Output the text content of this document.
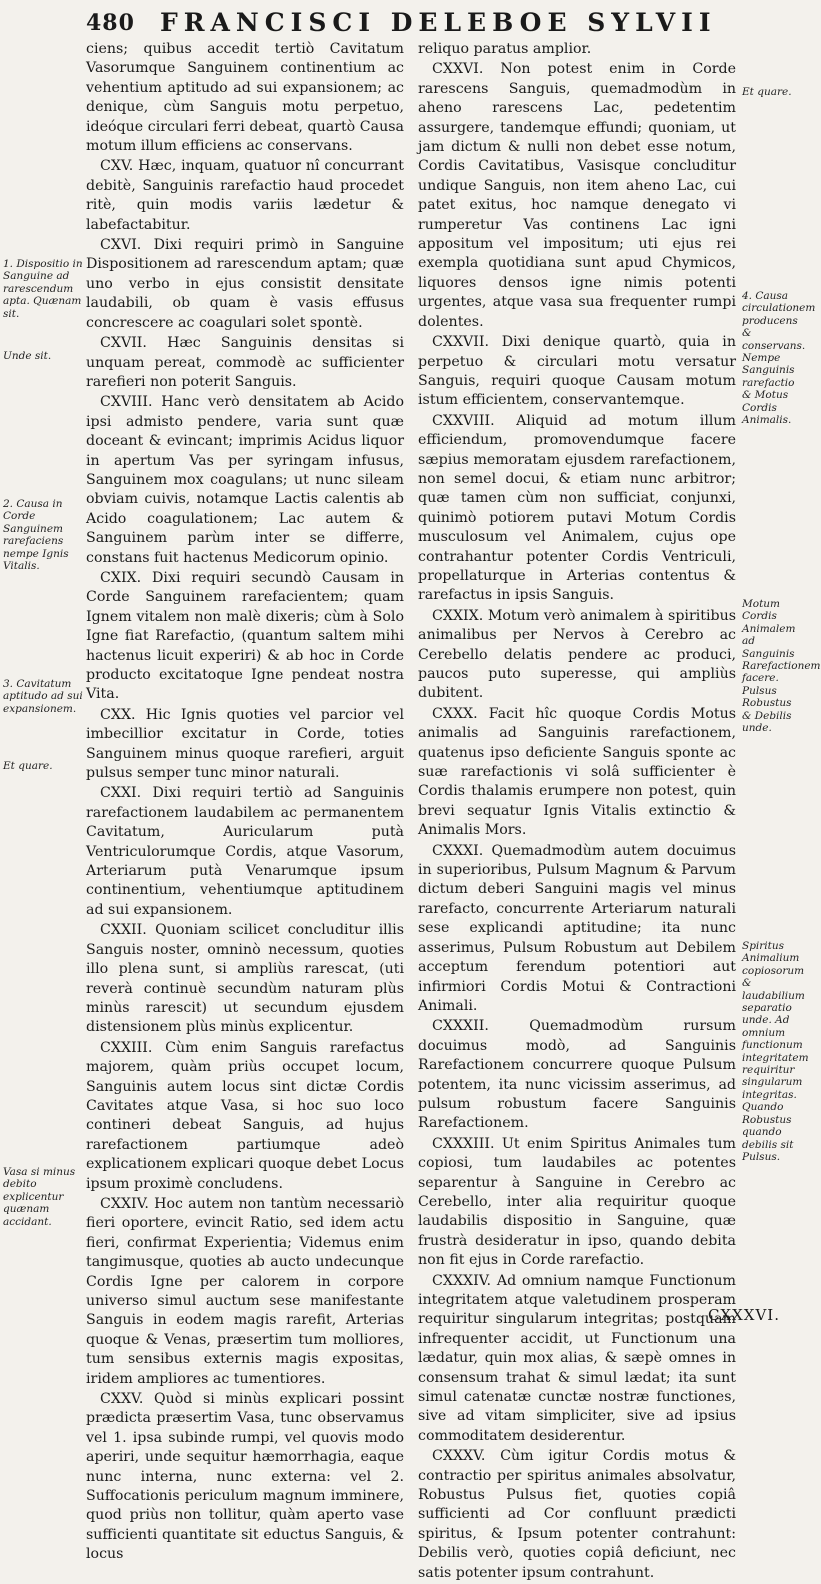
480 FRANCISCI DELEBOE SYLVII

ciens; quibus accedit tertiò Cavitatum Vasorumque Sanguinem continentium ac vehentium aptitudo ad sui expansionem; ac denique, cùm Sanguis motu perpetuo, ideóque circulari ferri debeat, quartò Causa motum illum efficiens ac conservans.

CXV. Hæc, inquam, quatuor nî concurrant debitè, Sanguinis rarefactio haud procedet ritè, quin modis variis lædetur & labefactabitur.

CXVI. Dixi requiri primò in Sanguine Dispositionem ad rarescendum aptam; quæ uno verbo in ejus consistit densitate laudabili, ob quam è vasis effusus concrescere ac coagulari solet spontè.

CXVII. Hæc Sanguinis densitas si unquam pereat, commodè ac sufficienter rarefieri non poterit Sanguis.

CXVIII. Hanc verò densitatem ab Acido ipsi admisto pendere, varia sunt quæ doceant & evincant; imprimis Acidus liquor in apertum Vas per syringam infusus, Sanguinem mox coagulans; ut nunc sileam obviam cuivis, notamque Lactis calentis ab Acido coagulationem; Lac autem & Sanguinem parùm inter se differre, constans fuit hactenus Medicorum opinio.

CXIX. Dixi requiri secundò Causam in Corde Sanguinem rarefacientem; quam Ignem vitalem non malè dixeris; cùm à Solo Igne fiat Rarefactio, (quantum saltem mihi hactenus licuit experiri) & ab hoc in Corde producto excitatoque Igne pendeat nostra Vita.

CXX. Hic Ignis quoties vel parcior vel imbecillior excitatur in Corde, toties Sanguinem minus quoque rarefieri, arguit pulsus semper tunc minor naturali.

CXXI. Dixi requiri tertiò ad Sanguinis rarefactionem laudabilem ac permanentem Cavitatum, Auricularum putà Ventriculorumque Cordis, atque Vasorum, Arteriarum putà Venarumque ipsum continentium, vehentiumque aptitudinem ad sui expansionem.

CXXII. Quoniam scilicet concluditur illis Sanguis noster, omninò necessum, quoties illo plena sunt, si ampliùs rarescat, (uti reverà continuè secundùm naturam plùs minùs rarescit) ut secundum ejusdem distensionem plùs minùs explicentur.

CXXIII. Cùm enim Sanguis rarefactus majorem, quàm priùs occupet locum, Sanguinis autem locus sint dictæ Cordis Cavitates atque Vasa, si hoc suo loco contineri debeat Sanguis, ad hujus rarefactionem partiumque adeò explicationem explicari quoque debet Locus ipsum proximè concludens.

CXXIV. Hoc autem non tantùm necessariò fieri oportere, evincit Ratio, sed idem actu fieri, confirmat Experientia; Videmus enim tangimusque, quoties ab aucto undecunque Cordis Igne per calorem in corpore universo simul auctum sese manifestante Sanguis in eodem magis rarefit, Arterias quoque & Venas, præsertim tum molliores, tum sensibus externis magis expositas, iridem ampliores ac tumentiores.

CXXV. Quòd si minùs explicari possint prædicta præsertim Vasa, tunc observamus vel 1. ipsa subinde rumpi, vel quovis modo aperiri, unde sequitur hæmorrhagia, eaque nunc interna, nunc externa: vel 2. Suffocationis periculum magnum imminere, quod priùs non tollitur, quàm aperto vase sufficienti quantitate sit eductus Sanguis, & locus

reliquo paratus amplior.

CXXVI. Non potest enim in Corde rarescens Sanguis, quemadmodùm in aheno rarescens Lac, pedetentim assurgere, tandemque effundi; quoniam, ut jam dictum & nulli non debet esse notum, Cordis Cavitatibus, Vasisque concluditur undique Sanguis, non item aheno Lac, cui patet exitus, hoc namque denegato vi rumperetur Vas continens Lac igni appositum vel impositum; uti ejus rei exempla quotidiana sunt apud Chymicos, liquores densos igne nimis potenti urgentes, atque vasa sua frequenter rumpi dolentes.

CXXVII. Dixi denique quartò, quia in perpetuo & circulari motu versatur Sanguis, requiri quoque Causam motum istum efficientem, conservantemque.

CXXVIII. Aliquid ad motum illum efficiendum, promovendumque facere sæpius memoratam ejusdem rarefactionem, non semel docui, & etiam nunc arbitror; quæ tamen cùm non sufficiat, conjunxi, quinimò potiorem putavi Motum Cordis musculosum vel Animalem, cujus ope contrahantur potenter Cordis Ventriculi, propellaturque in Arterias contentus & rarefactus in ipsis Sanguis.

CXXIX. Motum verò animalem à spiritibus animalibus per Nervos à Cerebro ac Cerebello delatis pendere ac produci, paucos puto superesse, qui ampliùs dubitent.

CXXX. Facit hîc quoque Cordis Motus animalis ad Sanguinis rarefactionem, quatenus ipso deficiente Sanguis sponte ac suæ rarefactionis vi solâ sufficienter è Cordis thalamis erumpere non potest, quin brevi sequatur Ignis Vitalis extinctio & Animalis Mors.

CXXXI. Quemadmodùm autem docuimus in superioribus, Pulsum Magnum & Parvum dictum deberi Sanguini magis vel minus rarefacto, concurrente Arteriarum naturali sese explicandi aptitudine; ita nunc asserimus, Pulsum Robustum aut Debilem acceptum ferendum potentiori aut infirmiori Cordis Motui & Contractioni Animali.

CXXXII. Quemadmodùm rursum docuimus modò, ad Sanguinis Rarefactionem concurrere quoque Pulsum potentem, ita nunc vicissim asserimus, ad pulsum robustum facere Sanguinis Rarefactionem.

CXXXIII. Ut enim Spiritus Animales tum copiosi, tum laudabiles ac potentes separentur à Sanguine in Cerebro ac Cerebello, inter alia requiritur quoque laudabilis dispositio in Sanguine, quæ frustrà desideratur in ipso, quando debita non fit ejus in Corde rarefactio.

CXXXIV. Ad omnium namque Functionum integritatem atque valetudinem prosperam requiritur singularum integritas; postquam infrequenter accidit, ut Functionum una lædatur, quin mox alias, & sæpè omnes in consensum trahat & simul lædat; ita sunt simul catenatæ cunctæ nostræ functiones, sive ad vitam simpliciter, sive ad ipsius commoditatem desiderentur.

CXXXV. Cùm igitur Cordis motus & contractio per spiritus animales absolvatur, Robustus Pulsus fiet, quoties copiâ sufficienti ad Cor confluunt prædicti spiritus, & Ipsum potenter contrahunt: Debilis verò, quoties copiâ deficiunt, nec satis potenter ipsum contrahunt.

1. Dispositio in Sanguine ad rarescendum apta. Quænam sit.
Unde sit.
2. Causa in Corde Sanguinem rarefaciens nempe Ignis Vitalis.
3. Cavitatum aptitudo ad sui expansionem.
Et quare.
Vasa si minus debito explicentur quænam accidant.
Et quare.
4. Causa circulationem producens & conservans. Nempe Sanguinis rarefactio & Motus Cordis Animalis.
Motum Cordis Animalem ad Sanguinis Rarefactionem facere. Pulsus Robustus & Debilis unde.
Spiritus Animalium copiosorum & laudabilium separatio unde. Ad omnium functionum integritatem requiritur singularum integritas. Quando Robustus quando debilis sit Pulsus.
CXXXVI.
